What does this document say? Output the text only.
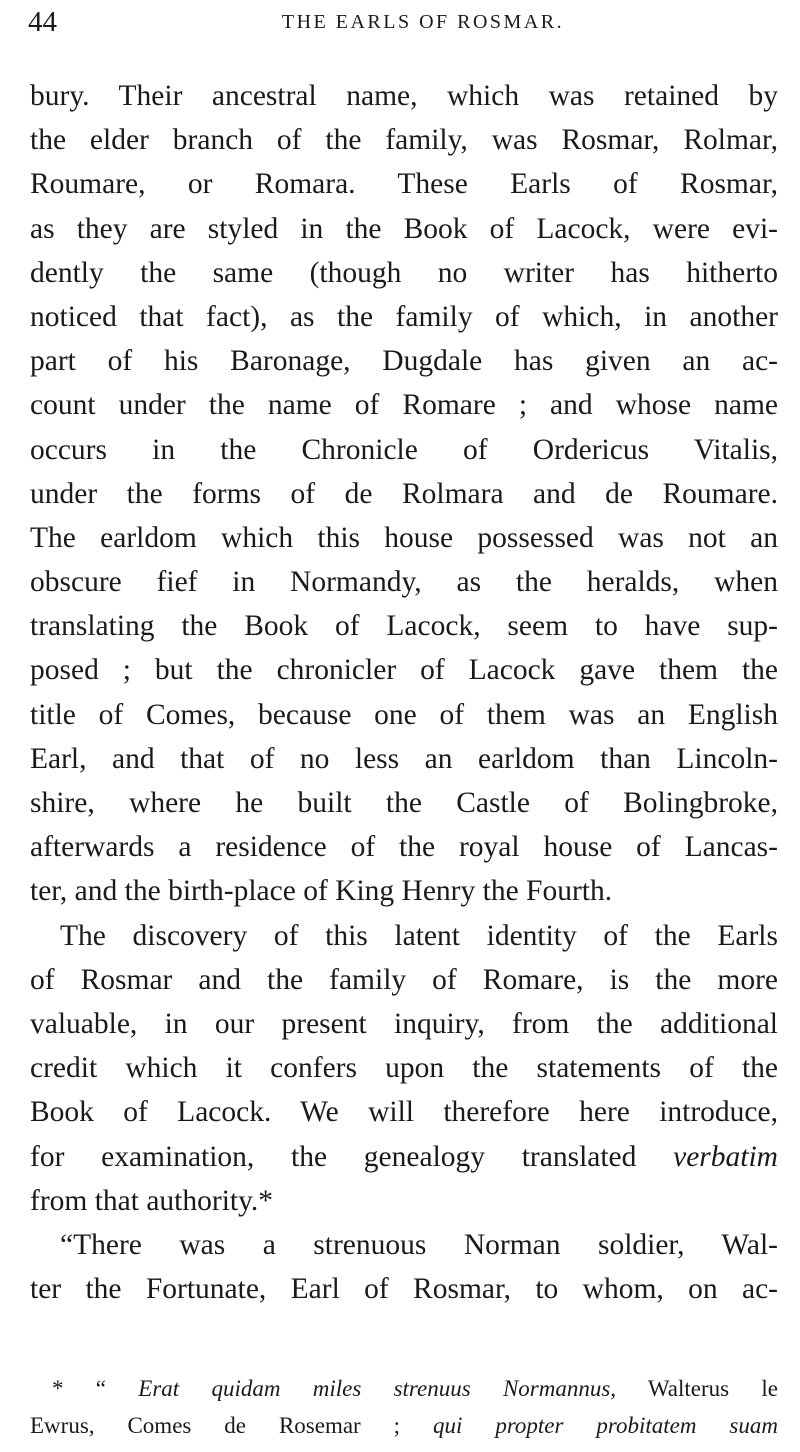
44	THE EARLS OF ROSMAR.
bury. Their ancestral name, which was retained by
the elder branch of the family, was Rosmar, Rolmar,
Roumare, or Romara. These Earls of Rosmar,
as they are styled in the Book of Lacock, were evi-
dently the same (though no writer has hitherto
noticed that fact), as the family of which, in another
part of his Baronage, Dugdale has given an ac-
count under the name of Romare ; and whose name
occurs in the Chronicle of Ordericus Vitalis,
under the forms of de Rolmara and de Roumare.
The earldom which this house possessed was not an
obscure fief in Normandy, as the heralds, when
translating the Book of Lacock, seem to have sup-
posed ; but the chronicler of Lacock gave them the
title of Comes, because one of them was an English
Earl, and that of no less an earldom than Lincoln-
shire, where he built the Castle of Bolingbroke,
afterwards a residence of the royal house of Lancas-
ter, and the birth-place of King Henry the Fourth.
The discovery of this latent identity of the Earls
of Rosmar and the family of Romare, is the more
valuable, in our present inquiry, from the additional
credit which it confers upon the statements of the
Book of Lacock. We will therefore here introduce,
for examination, the genealogy translated verbatim
from that authority.*
“There was a strenuous Norman soldier, Wal-
ter the Fortunate, Earl of Rosmar, to whom, on ac-
* “ Erat quidam miles strenuus Normannus, Walterus le
Ewrus, Comes de Rosemar ; qui propter probitatem suam
